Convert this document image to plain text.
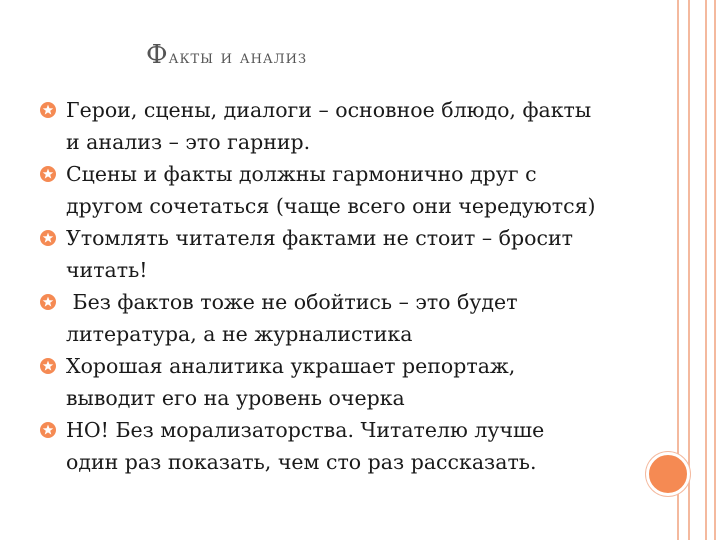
Факты и анализ
Герои, сцены, диалоги – основное блюдо, факты
и анализ – это гарнир.
Сцены и факты должны гармонично друг с
другом сочетаться (чаще всего они чередуются)
Утомлять читателя фактами не стоит – бросит
читать!
Без фактов тоже не обойтись – это будет
литература, а не журналистика
Хорошая аналитика украшает репортаж,
выводит его на уровень очерка
НО! Без морализаторства. Читателю лучше
один раз показать, чем сто раз рассказать.
